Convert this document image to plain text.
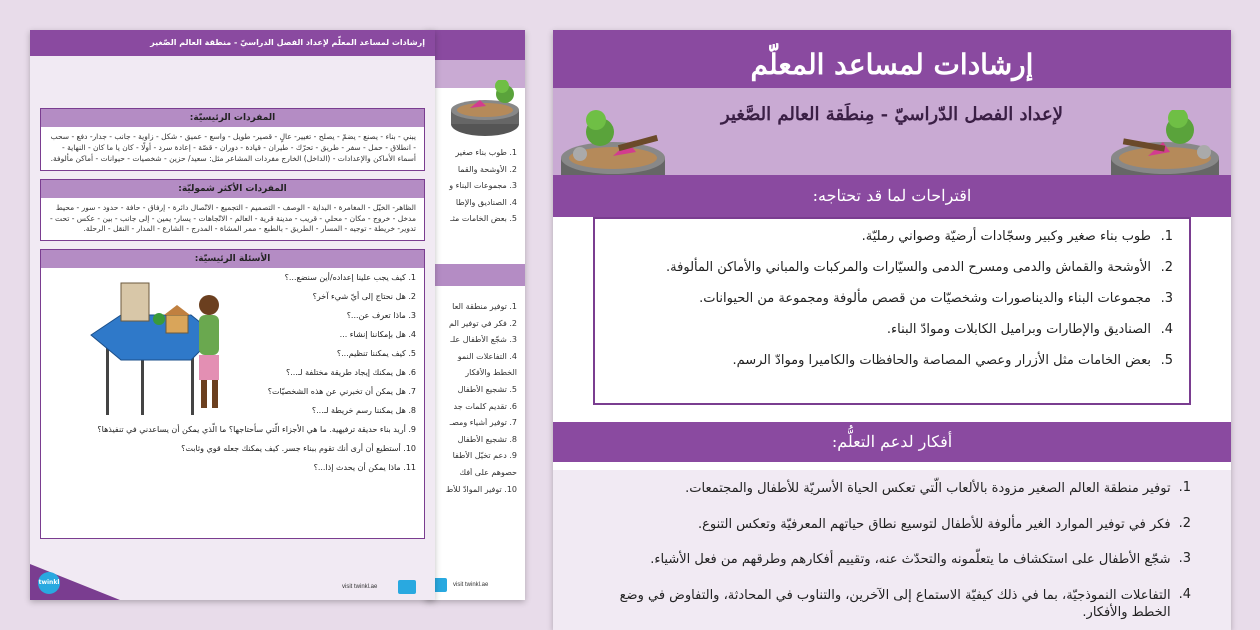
1. طوب بناء صغير
2. الأوشحة والقما
3. مجموعات البناء و
4. الصناديق والإطا
5. بعض الخامات مثـ
1. توفير منطقة العا
2. فكر في توفير الم
3. شجّع الأطفال علـ
4. التفاعلات النمو
الخطط والأفكار
5. تشجيع الأطفال
6. تقديم كلمات جد
7. توفير أشياء ومصـ
8. تشجيع الأطفال
9. دعم تخيّل الأطفا
حصوهم على أفك
10. توفير الموادّ للأط
visit twinkl.ae
إرشادات لمساعد المعلّم لإعداد الفصل الدراسيّ - منطقة العالم الصّغير
المفردات الرئيسيّة:
يبني - بناء - يصنع - يضمّ - يصلح - تغيير- عالٍ - قصير- طويل - واسع - عميق - شكل - زاوية - جانب - جدار- دفع - سحب - انطلاق - حمل - سفر - طريق - تحرّك - طيران - قيادة - دوران - قصّة - إعادة سرد - أولًا - كان يا ما كان - النهاية - أسماء الأماكن والإعدادات - (الداخل) الخارج مفردات المشاعر مثل: سعيد/ حزين - شخصيات - حيوانات - أماكن مألوفة.
المفردات الأكثر شموليّة:
الظاهر- الخيّل - المغامرة - البداية - الوصف - التصميم - التجميع - الاتّصال دائرة - إرفاق - حافة - حدود - سور - محيط مدخل - خروج - مكان - محلي - قريب - مدينة قرية - العالم - الاتّجاهات - يسار- يمين - إلى جانب - بين - عكس - تحت - تدوير- خريطة - توجيه - المسار - الطريق - بالطبع - ممر المشاة - المدرج - الشارع - المدار - النقل - الرحلة.
الأسئلة الرئيسيّة:
1. كيف يجب علينا إعداده/أين سنضع...؟
2. هل نحتاج إلى أيّ شيء آخر؟
3. ماذا تعرف عن...؟
4. هل بإمكاننا إنشاء ...
5. كيف يمكننا تنظيم...؟
6. هل يمكنك إيجاد طريقة مختلفة لـ...؟
7. هل يمكن أن تخبرني عن هذه الشخصيّات؟
8. هل يمكننا رسم خريطة لـ...؟
9. أريد بناء حديقة ترفيهية. ما هي الأجزاء الّتي سأحتاجها؟ ما الّذي يمكن أن يساعدني في تنفيذها؟
10. أستطيع أن أرى أنك تقوم ببناء جسر. كيف يمكنك جعله قوي وثابت؟
11. ماذا يمكن أن يحدث إذا...؟
twinkl
visit twinkl.ae
إرشادات لمساعد المعلّم
لإعداد الفصل الدّراسيّ - مِنطَقة العالم الصَّغير
اقتراحات لما قد تحتاجه:
1.
طوب بناء صغير وكبير وسجّادات أرضيّة وصواني رمليّة.
2.
الأوشحة والقماش والدمى ومسرح الدمى والسيّارات والمركبات والمباني والأماكن المألوفة.
3.
مجموعات البناء والديناصورات وشخصيّات من قصص مألوفة ومجموعة من الحيوانات.
4.
الصناديق والإطارات وبراميل الكابلات وموادّ البناء.
5.
بعض الخامات مثل الأزرار وعصي المصاصة والحافظات والكاميرا وموادّ الرسم.
أفكار لدعم التعلُّم:
1.
توفير منطقة العالم الصغير مزودة بالألعاب الّتي تعكس الحياة الأسريّة للأطفال والمجتمعات.
2.
فكر في توفير الموارد الغير مألوفة للأطفال لتوسيع نطاق حياتهم المعرفيّة وتعكس التنوع.
3.
شجّع الأطفال على استكشاف ما يتعلّمونه والتحدّث عنه، وتقييم أفكارهم وطرقهم من فعل الأشياء.
4.
التفاعلات النموذجيّة، بما في ذلك كيفيّة الاستماع إلى الآخرين، والتناوب في المحادثة، والتفاوض في وضع الخطط والأفكار.
